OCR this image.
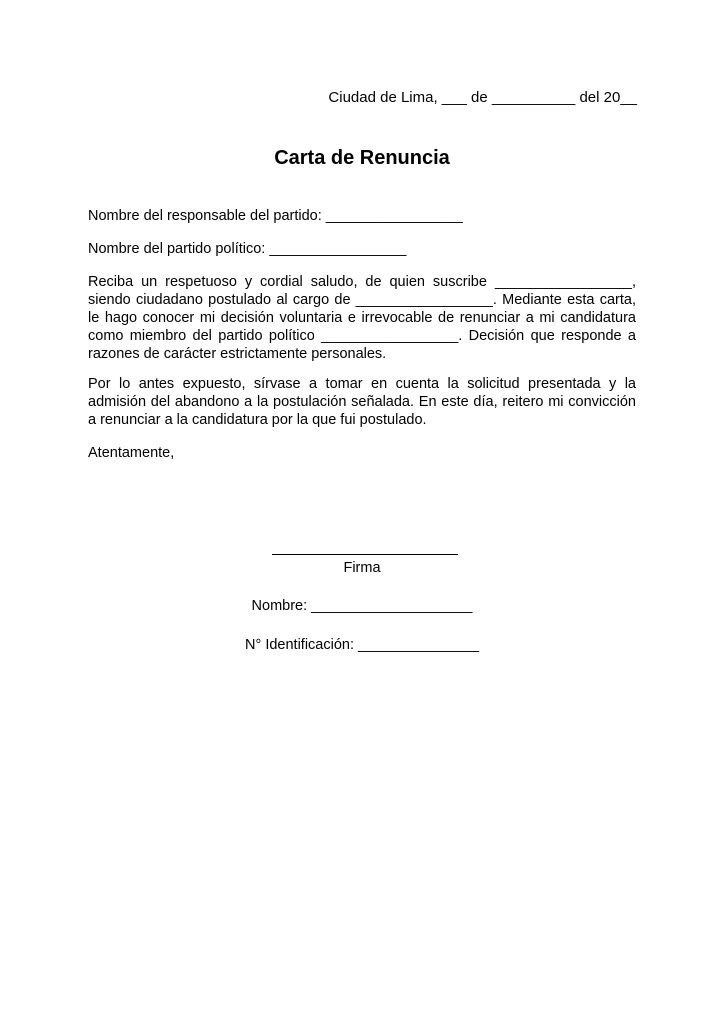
Ciudad de Lima, ___ de __________ del 20__
Carta de Renuncia
Nombre del responsable del partido: _________________
Nombre del partido político: _________________
Reciba un respetuoso y cordial saludo, de quien suscribe _________________, siendo ciudadano postulado al cargo de _________________. Mediante esta carta, le hago conocer mi decisión voluntaria e irrevocable de renunciar a mi candidatura como miembro del partido político _________________. Decisión que responde a razones de carácter estrictamente personales.
Por lo antes expuesto, sírvase a tomar en cuenta la solicitud presentada y la admisión del abandono a la postulación señalada. En este día, reitero mi convicción a renunciar a la candidatura por la que fui postulado.
Atentamente,
Firma
Nombre: ____________________
N° Identificación: _______________
